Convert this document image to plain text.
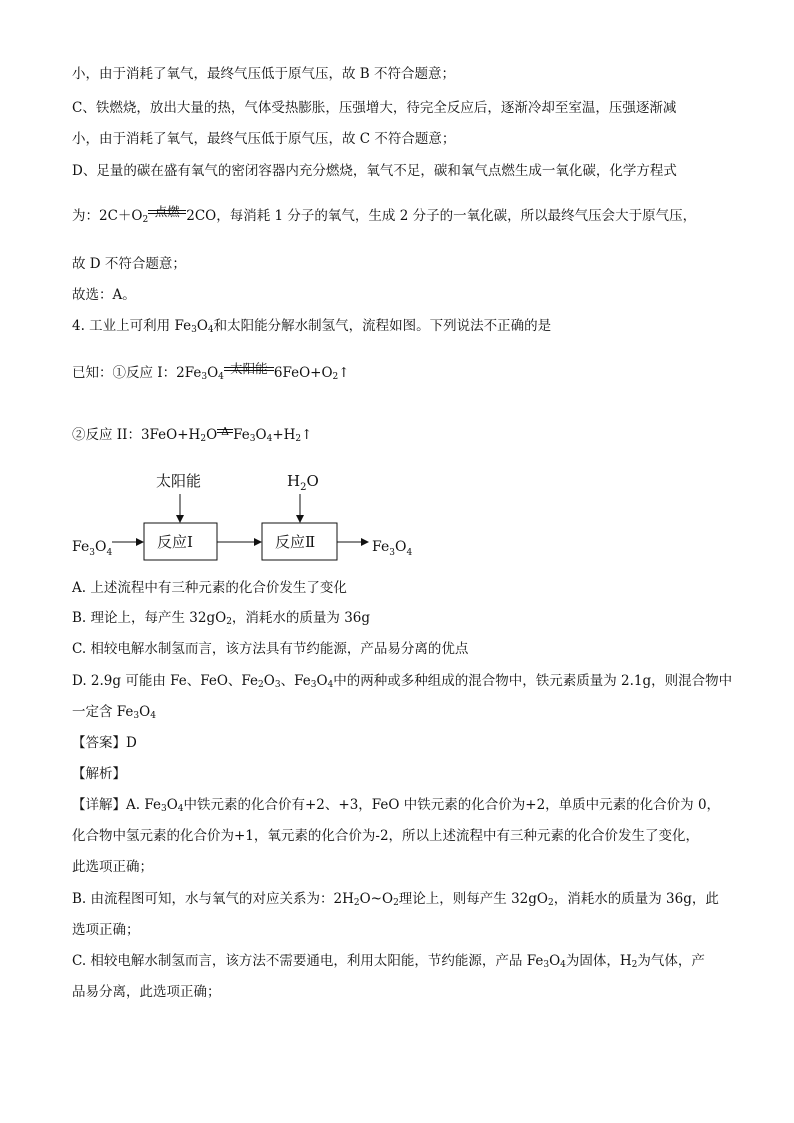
小，由于消耗了氧气，最终气压低于原气压，故 B 不符合题意；
C、铁燃烧，放出大量的热，气体受热膨胀，压强增大，待完全反应后，逐渐冷却至室温，压强逐渐减
小，由于消耗了氧气，最终气压低于原气压，故 C 不符合题意；
D、足量的碳在盛有氧气的密闭容器内充分燃烧，氧气不足，碳和氧气点燃生成一氧化碳，化学方程式
为：$2C+O_2$
点燃 2CO，每消耗 1 分子的氧气，生成 2 分子的一氧化碳，所以最终气压会大于原气压，
故 D 不符合题意；
故选：A。
4. 工业上可利用 $Fe_3O_4$和太阳能分解水制氢气，流程如图。下列说法不正确的是
已知：①反应 I：$2Fe_3O_4$
太阳能 $6FeO+O_2↑$
②反应 II：$3FeO+H_2O$ Δ $Fe_3O_4+H_2↑$
太阳能	$H_2O$
反应Ⅰ	反应Ⅱ
$Fe_3O_4$	$Fe_3O_4$
A. 上述流程中有三种元素的化合价发生了变化
B. 理论上，每产生 $32gO_2$，消耗水的质量为 36g
C. 相较电解水制氢而言，该方法具有节约能源，产品易分离的优点
D. 2.9g 可能由 Fe、FeO、$Fe_2O_3$、$Fe_3O_4$中的两种或多种组成的混合物中，铁元素质量为 2.1g，则混合物中
一定含 $Fe_3O_4$
【答案】D
【解析】
【详解】A. $Fe_3O_4$中铁元素的化合价有+2、+3，FeO 中铁元素的化合价为+2，单质中元素的化合价为 0，
化合物中氢元素的化合价为+1，氧元素的化合价为-2，所以上述流程中有三种元素的化合价发生了变化，
此选项正确；
B. 由流程图可知，水与氧气的对应关系为：$2H_2O\sim O_2$理论上，则每产生 $32gO_2$，消耗水的质量为 36g，此
选项正确；
C. 相较电解水制氢而言，该方法不需要通电，利用太阳能，节约能源，产品 $Fe_3O_4$为固体，$H_2$为气体，产
品易分离，此选项正确；
